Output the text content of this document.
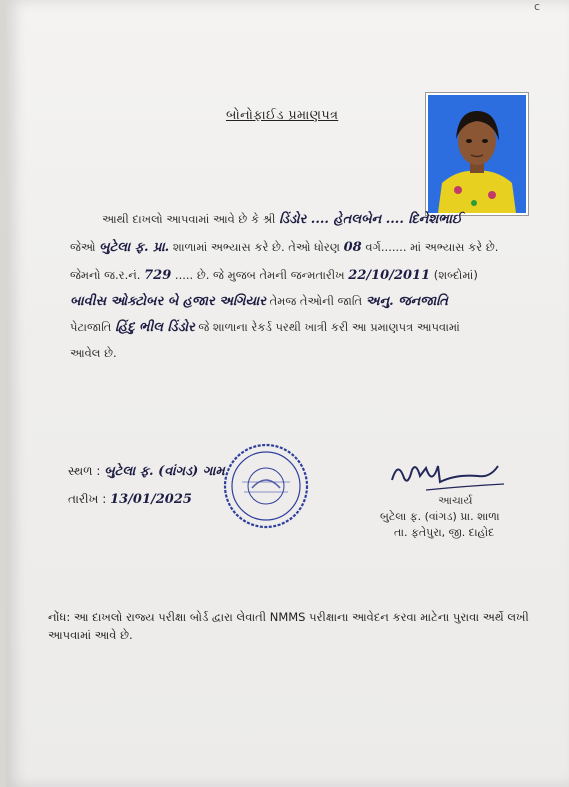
c
બોનોફાઈડ પ્રમાણપત્ર
આથી દાખલો આપવામાં આવે છે કે શ્રી ડિંડોર .... હેતલબેન .... દિનેશભાઈ
જેઓ બુટેલા ફ. પ્રા. શાળામાં અભ્યાસ કરે છે. તેઓ ધોરણ 08 વર્ગ....... માં અભ્યાસ કરે છે.
જેમનો જ.ર.નં. 729 ..... છે. જે મુજબ તેમની જન્મતારીખ 22/10/2011 (શબ્દોમાં)
બાવીસ ઓક્ટોબર બે હજાર અગિયાર તેમજ તેઓની જાતિ અનુ. જનજાતિ
પેટાજાતિ હિંદુ ભીલ ડિંડોર જે શાળાના રેકર્ડ પરથી ખાત્રી કરી આ પ્રમાણપત્ર આપવામાં
આવેલ છે.
સ્થળ : બુટેલા ફ. (વાંગડ) ગામ
તારીખ : 13/01/2025	આચાર્ય
બુટેલા ફ. (વાંગડ) પ્રા. શાળા
તા. ફતેપુરા, જી. દાહોદ
નોંધ: આ દાખલો રાજ્ય પરીક્ષા બોર્ડ દ્વારા લેવાતી NMMS પરીક્ષાના આવેદન કરવા માટેના પુરાવા અર્થે લખી
આપવામાં આવે છે.
